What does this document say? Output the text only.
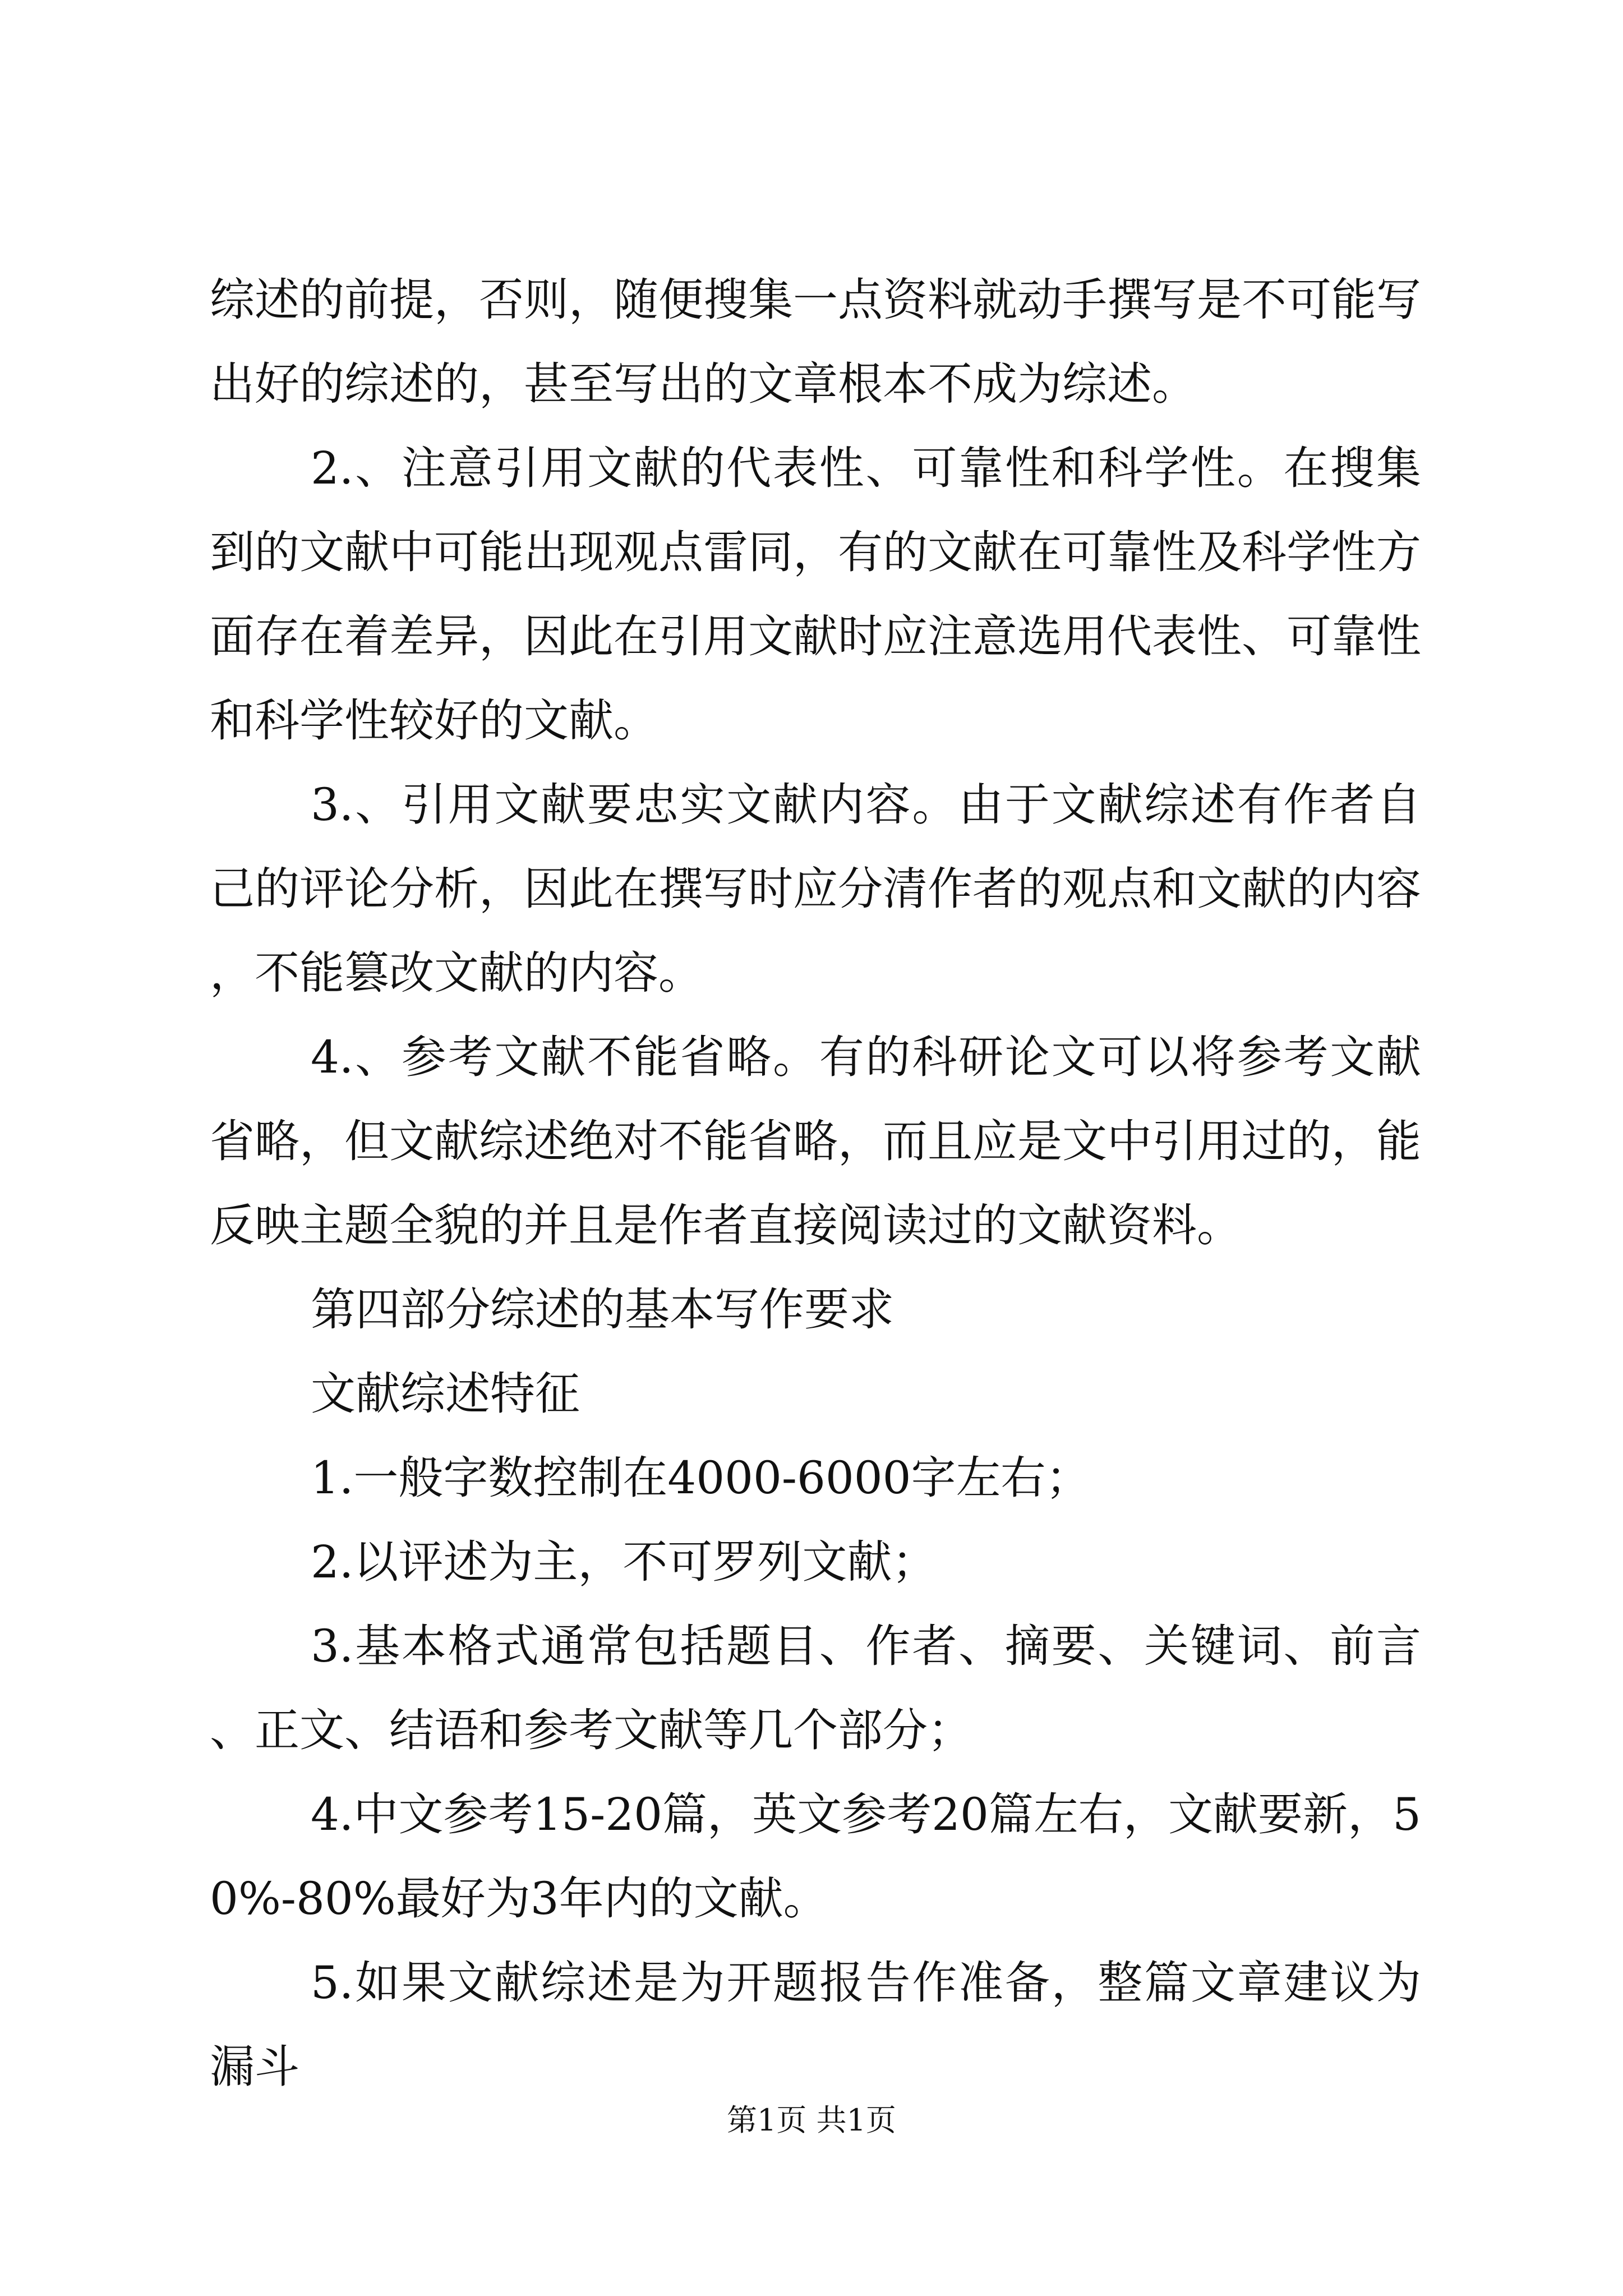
综述的前提，否则，随便搜集一点资料就动手撰写是不可能写出好的综述的，甚至写出的文章根本不成为综述。

2.、注意引用文献的代表性、可靠性和科学性。在搜集到的文献中可能出现观点雷同，有的文献在可靠性及科学性方面存在着差异，因此在引用文献时应注意选用代表性、可靠性和科学性较好的文献。

3.、引用文献要忠实文献内容。由于文献综述有作者自己的评论分析，因此在撰写时应分清作者的观点和文献的内容，不能篡改文献的内容。

4.、参考文献不能省略。有的科研论文可以将参考文献省略，但文献综述绝对不能省略，而且应是文中引用过的，能反映主题全貌的并且是作者直接阅读过的文献资料。

第四部分综述的基本写作要求

文献综述特征

1.一般字数控制在4000-6000字左右；

2.以评述为主，不可罗列文献；

3.基本格式通常包括题目、作者、摘要、关键词、前言、正文、结语和参考文献等几个部分；

4.中文参考15-20篇，英文参考20篇左右，文献要新，50%-80%最好为3年内的文献。

5.如果文献综述是为开题报告作准备，整篇文章建议为漏斗

第1页 共1页
